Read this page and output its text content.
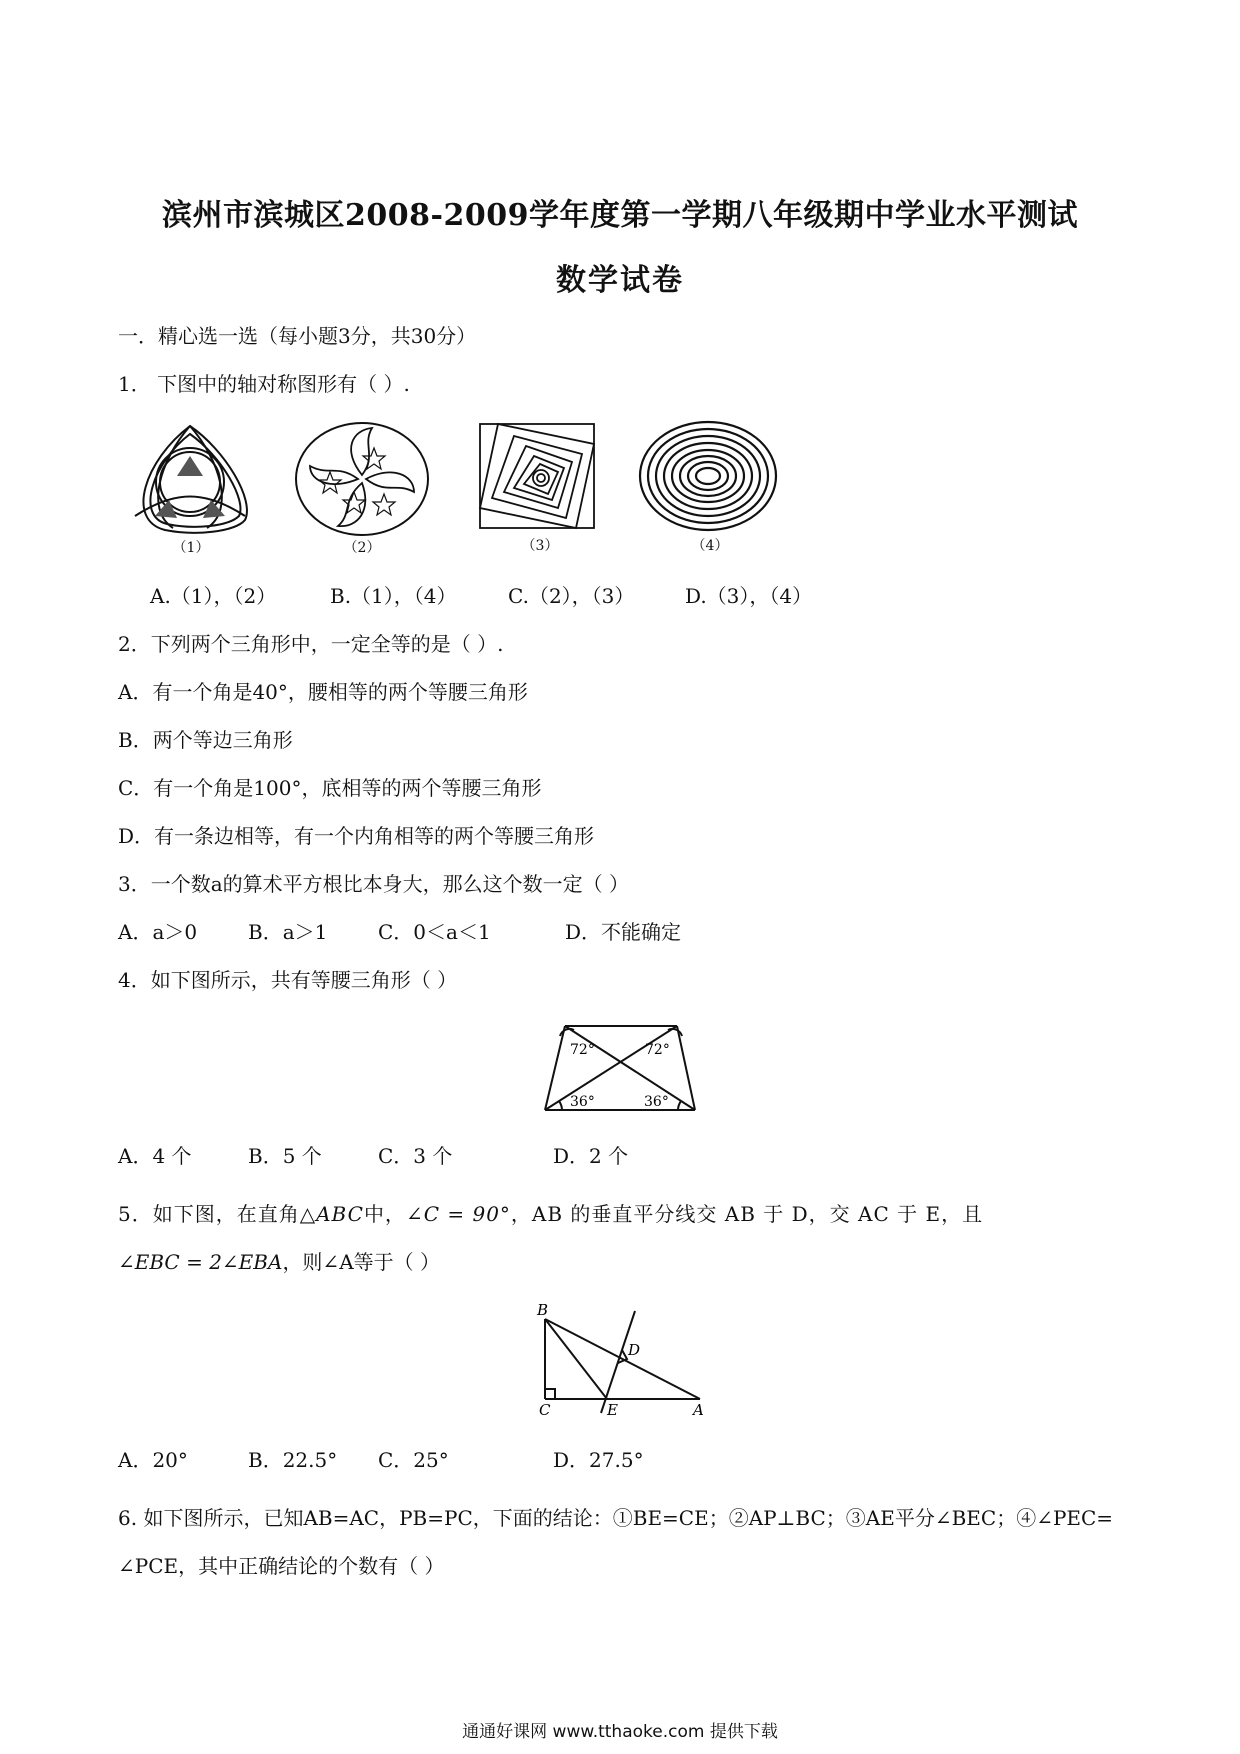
滨州市滨城区2008-2009学年度第一学期八年级期中学业水平测试
数学试卷
一．精心选一选（每小题3分，共30分）
1． 下图中的轴对称图形有（ ）.
（1）	（2）	（3）	（4）
A.（1），（2）	B.（1），（4）	C.（2），（3）	D.（3），（4）
2．下列两个三角形中，一定全等的是（ ）.
A．有一个角是40°，腰相等的两个等腰三角形
B．两个等边三角形
C．有一个角是100°，底相等的两个等腰三角形
D．有一条边相等，有一个内角相等的两个等腰三角形
3．一个数a的算术平方根比本身大，那么这个数一定（ ）
A．a＞0	B．a＞1	C．0＜a＜1	D．不能确定
4．如下图所示，共有等腰三角形（ ）
72°	72°
36°	36°
A．4 个	B．5 个	C．3 个	D．2 个
5．如下图，在直角△ABC中，∠C = 90°，AB 的垂直平分线交 AB 于 D，交 AC 于 E，且
∠EBC = 2∠EBA，则∠A等于（ ）
B
D
C	E	A
A．20°	B．22.5° C．25°	D．27.5°
6. 如下图所示，已知AB=AC，PB=PC，下面的结论：①BE=CE；②AP⊥BC；③AE平分∠BEC；④∠PEC=
∠PCE，其中正确结论的个数有（ ）
通通好课网 www.tthaoke.com 提供下载
